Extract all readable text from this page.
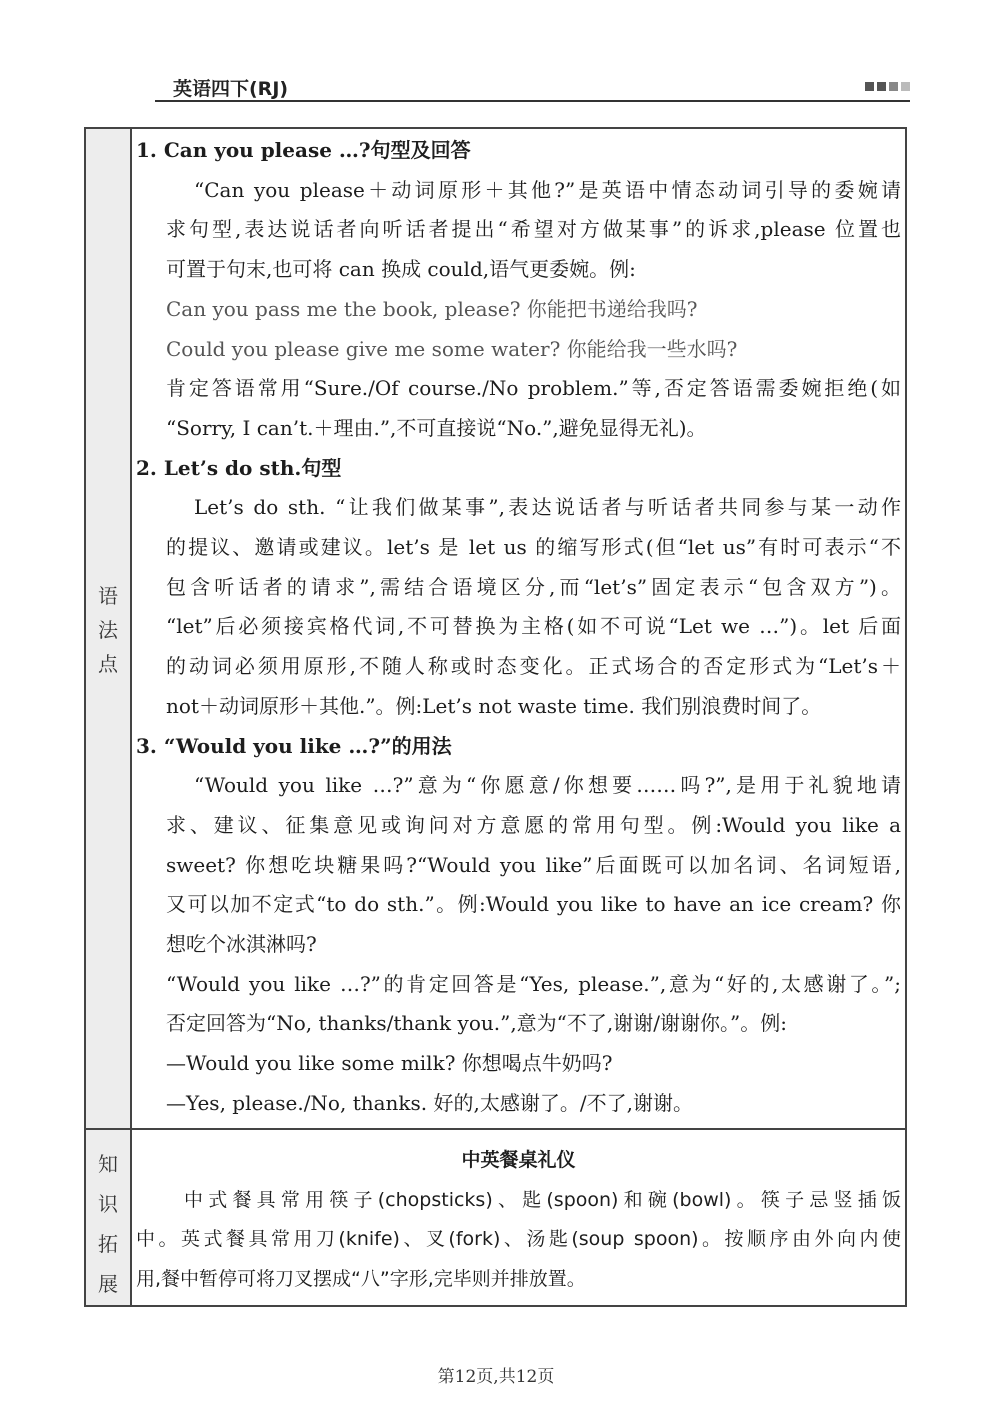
英语四下(RJ)
语
法
点
知
识
拓
展
1. Can you please …?句型及回答
“Can you please＋动词原形＋其他?”是英语中情态动词引导的委婉请
求句型,表达说话者向听话者提出“希望对方做某事”的诉求,please 位置也
可置于句末,也可将 can 换成 could,语气更委婉。例:
Can you pass me the book, please? 你能把书递给我吗?
Could you please give me some water? 你能给我一些水吗?
肯定答语常用“Sure./Of course./No problem.”等,否定答语需委婉拒绝(如
“Sorry, I can’t.＋理由.”,不可直接说“No.”,避免显得无礼)。
2. Let’s do sth.句型
Let’s do sth. “让我们做某事”,表达说话者与听话者共同参与某一动作
的提议、邀请或建议。let’s 是 let us 的缩写形式(但“let us”有时可表示“不
包含听话者的请求”,需结合语境区分,而“let’s”固定表示“包含双方”)。
“let”后必须接宾格代词,不可替换为主格(如不可说“Let we …”)。let 后面
的动词必须用原形,不随人称或时态变化。正式场合的否定形式为“Let’s＋
not＋动词原形＋其他.”。例:Let’s not waste time. 我们别浪费时间了。
3. “Would you like …?”的用法
“Would you like …?”意为“你愿意/你想要……吗?”,是用于礼貌地请
求、建议、征集意见或询问对方意愿的常用句型。例:Would you like a
sweet? 你想吃块糖果吗?“Would you like”后面既可以加名词、名词短语,
又可以加不定式“to do sth.”。例:Would you like to have an ice cream? 你
想吃个冰淇淋吗?
“Would you like …?”的肯定回答是“Yes, please.”,意为“好的,太感谢了。”;
否定回答为“No, thanks/thank you.”,意为“不了,谢谢/谢谢你。”。例:
—Would you like some milk? 你想喝点牛奶吗?
—Yes, please./No, thanks. 好的,太感谢了。/不了,谢谢。
中英餐桌礼仪
中式餐具常用筷子(chopsticks)、匙(spoon)和碗(bowl)。筷子忌竖插饭
中。英式餐具常用刀(knife)、叉(fork)、汤匙(soup spoon)。按顺序由外向内使
用,餐中暂停可将刀叉摆成“八”字形,完毕则并排放置。
第12页,共12页
